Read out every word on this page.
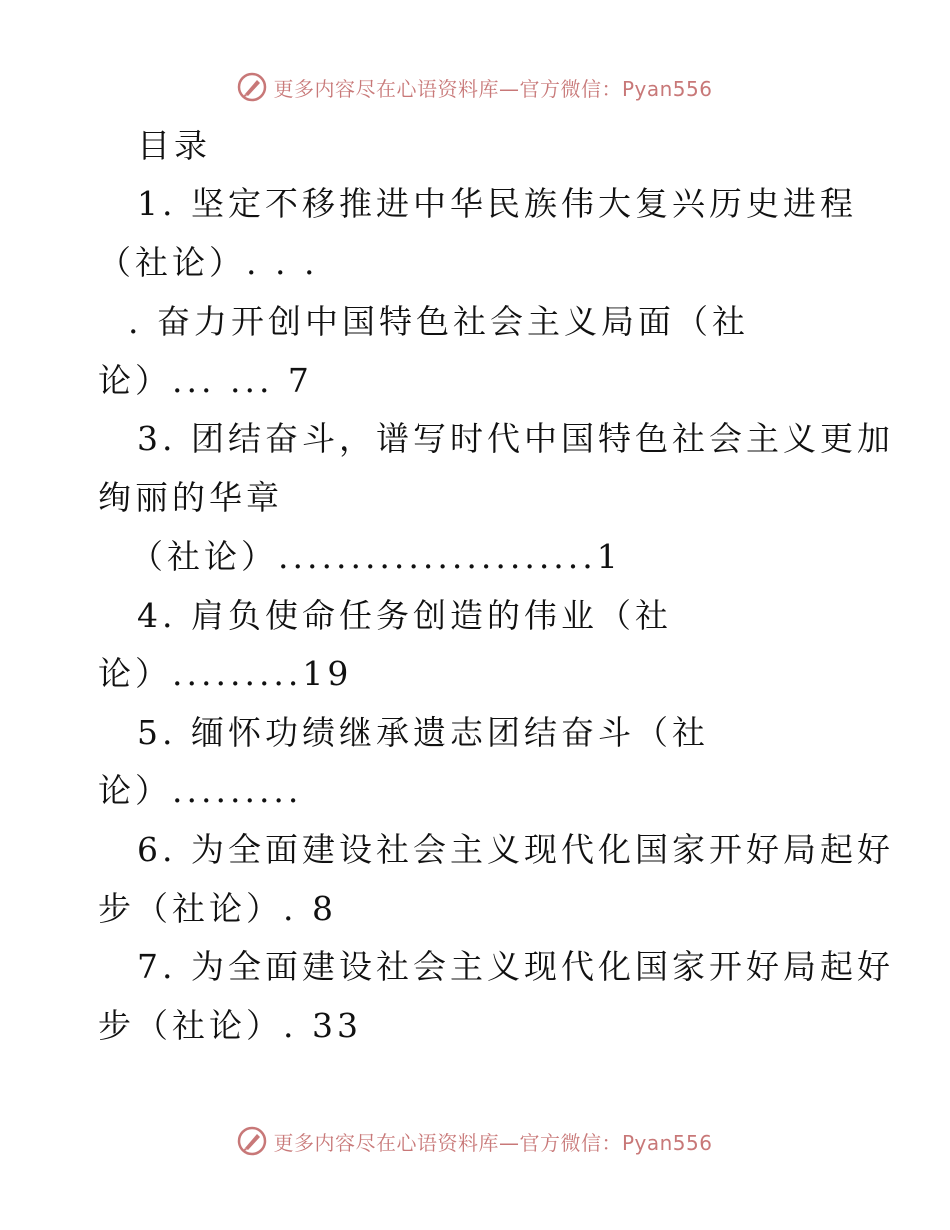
更多内容尽在心语资料库—官方微信：Pyan556
目录
1. 坚定不移推进中华民族伟大复兴历史进程
（社论）. . .
. 奋力开创中国特色社会主义局面（社
论）... ... 7
3. 团结奋斗，谱写时代中国特色社会主义更加
绚丽的华章
（社论）......................1
4. 肩负使命任务创造的伟业（社
论）.........19
5. 缅怀功绩继承遗志团结奋斗（社
论）.........
6. 为全面建设社会主义现代化国家开好局起好
步（社论）. 8
7. 为全面建设社会主义现代化国家开好局起好
步（社论）. 33
更多内容尽在心语资料库—官方微信：Pyan556
